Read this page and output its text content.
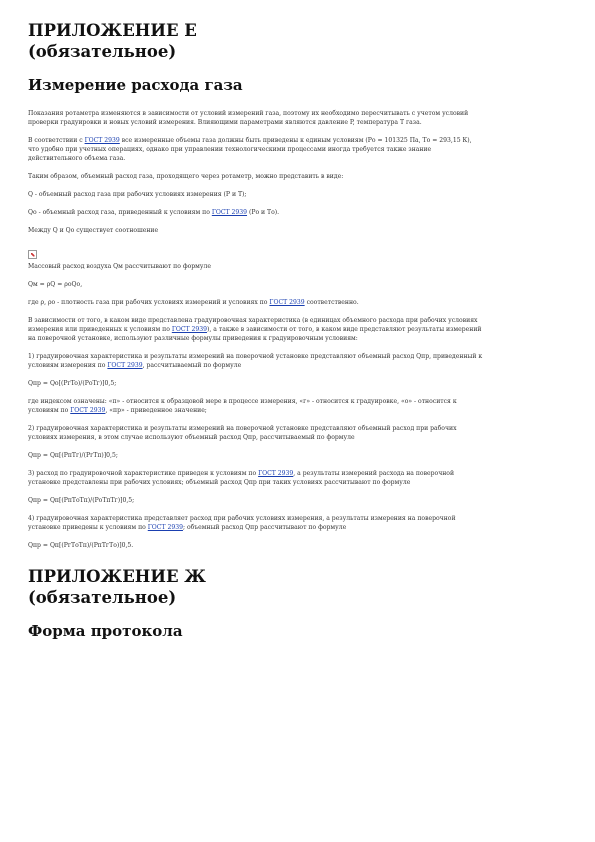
ПРИЛОЖЕНИЕ Е
(обязательное)
Измерение расхода газа

Показания ротаметра изменяются в зависимости от условий измерений газа, поэтому их необходимо пересчитывать с учетом условий

проверки градуировки и новых условий измерения. Влияющими параметрами являются давление P, температура T газа.

В соответствии с ГОСТ 2939 все измеренные объемы газа должны быть приведены к единым условиям (Pо = 101325 Па, Tо = 293,15 К),

что удобно при учетных операциях, однако при управлении технологическими процессами иногда требуется также знание

действительного объема газа.

Таким образом, объемный расход газа, проходящего через ротаметр, можно представить в виде:

Q - объемный расход газа при рабочих условиях измерения (P и T);

Qо - объемный расход газа, приведенный к условиям по ГОСТ 2939 (Pо и Tо).

Между Q и Qо существует соотношение

Массовый расход воздуха Qм рассчитывают по формуле

Qм = ρQ = ρоQо,

где ρ, ρо - плотность газа при рабочих условиях измерений и условиях по ГОСТ 2939 соответственно.

В зависимости от того, в каком виде представлена градуировочная характеристика (в единицах объемного расхода при рабочих условиях

измерения или приведенных к условиям по ГОСТ 2939), а также в зависимости от того, в каком виде представляют результаты измерений

на поверочной установке, используют различные формулы приведения к градуировочным условиям:

1) градуировочная характеристика и результаты измерений на поверочной установке представляют объемный расход Qпр, приведенный к

условиям измерения по ГОСТ 2939, рассчитываемый по формуле

Qпр = Qо[(PгTo)/(PоTг)]0,5;

где индексом означены: «п» - относится к образцовой мере в процессе измерения, «г» - относится к градуировке, «о» - относится к

условиям по ГОСТ 2939, «пр» - приведенное значение;

2) градуировочная характеристика и результаты измерений на поверочной установке представляют объемный расход при рабочих

условиях измерения, в этом случае используют объемный расход Qпр, рассчитываемый по формуле

Qпр = Qп[(PпTг)/(PгTп)]0,5;

3) расход по градуировочной характеристике приведен к условиям по ГОСТ 2939, а результаты измерений расхода на поверочной

установке представлены при рабочих условиях; объемный расход Qпр при таких условиях рассчитывают по формуле

Qпр = Qп[(PпTоTп)/(PоTпTг)]0,5;

4) градуировочная характеристика представляет расход при рабочих условиях измерения, а результаты измерения на поверочной

установке приведены к условиям по ГОСТ 2939; объемный расход Qпр рассчитывают по формуле

Qпр = Qп[(PгTоTп)/(PпTгTо)]0,5.

ПРИЛОЖЕНИЕ Ж
(обязательное)
Форма протокола
